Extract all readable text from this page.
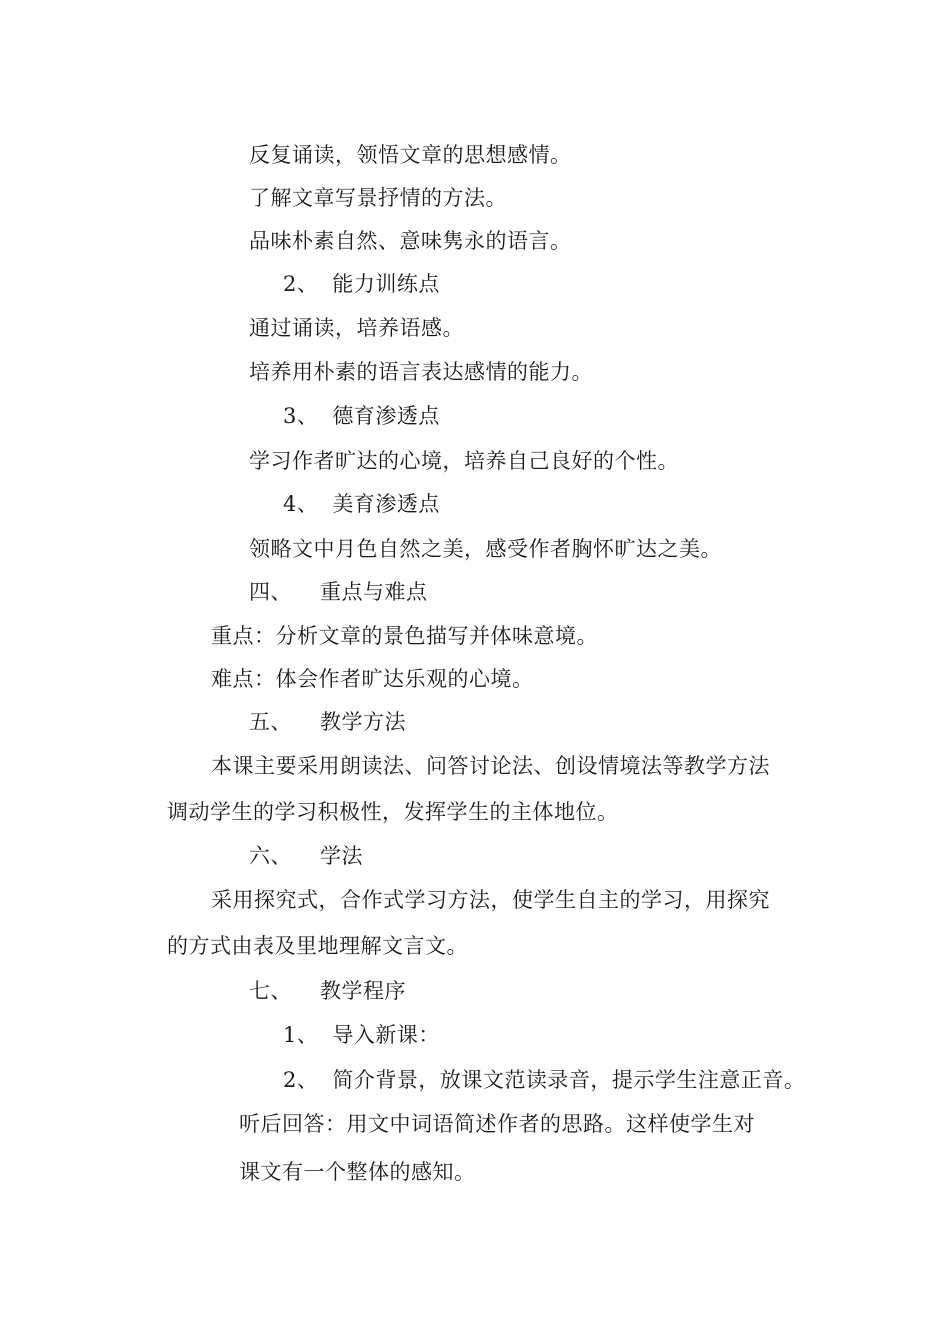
反复诵读，领悟文章的思想感情。
了解文章写景抒情的方法。
品味朴素自然、意味隽永的语言。
2、 能力训练点
通过诵读，培养语感。
培养用朴素的语言表达感情的能力。
3、 德育渗透点
学习作者旷达的心境，培养自己良好的个性。
4、 美育渗透点
领略文中月色自然之美，感受作者胸怀旷达之美。
四、 重点与难点
重点：分析文章的景色描写并体味意境。
难点：体会作者旷达乐观的心境。
五、 教学方法
本课主要采用朗读法、问答讨论法、创设情境法等教学方法
调动学生的学习积极性，发挥学生的主体地位。
六、 学法
采用探究式，合作式学习方法，使学生自主的学习，用探究
的方式由表及里地理解文言文。
七、 教学程序
1、 导入新课：
2、 简介背景，放课文范读录音，提示学生注意正音。
听后回答：用文中词语简述作者的思路。这样使学生对
课文有一个整体的感知。
